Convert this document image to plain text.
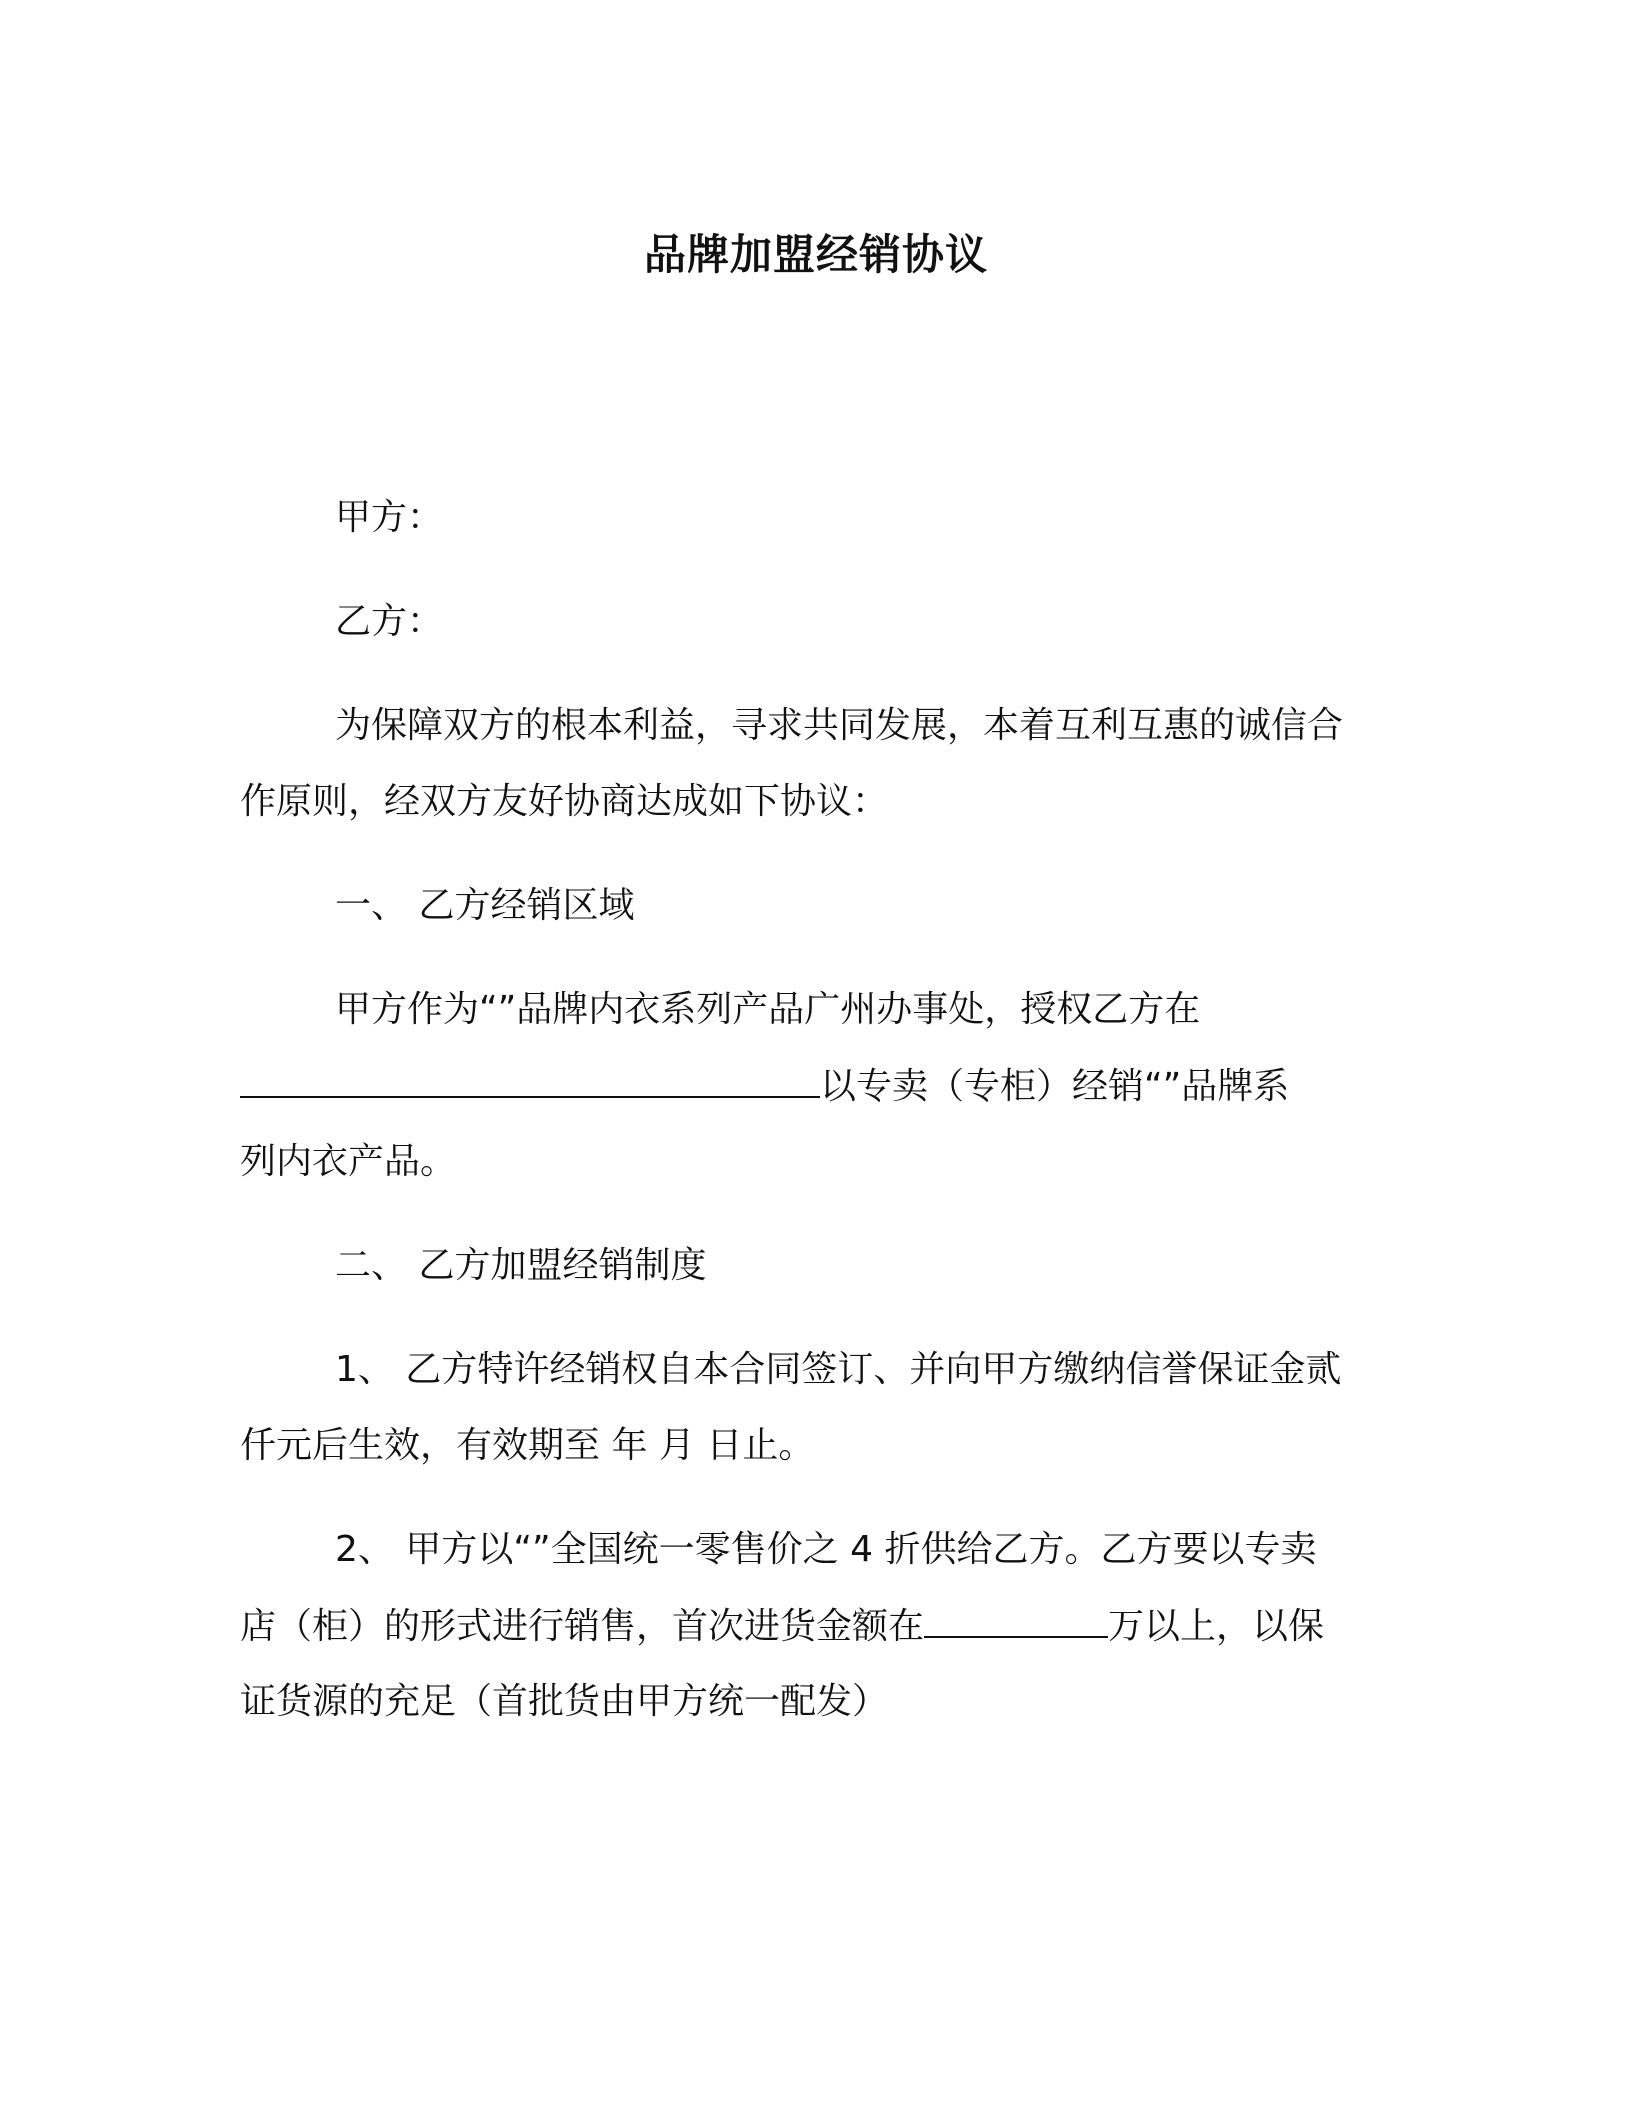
品牌加盟经销协议

甲方：

乙方：

为保障双方的根本利益，寻求共同发展，本着互利互惠的诚信合

作原则，经双方友好协商达成如下协议：

一、 乙方经销区域

甲方作为“”品牌内衣系列产品广州办事处，授权乙方在

以专卖（专柜）经销“”品牌系

列内衣产品。

二、 乙方加盟经销制度

1、 乙方特许经销权自本合同签订、并向甲方缴纳信誉保证金贰

仟元后生效，有效期至 年 月 日止。

2、 甲方以“”全国统一零售价之 4 折供给乙方。乙方要以专卖

店（柜）的形式进行销售，首次进货金额在	万以上，以保

证货源的充足（首批货由甲方统一配发）
